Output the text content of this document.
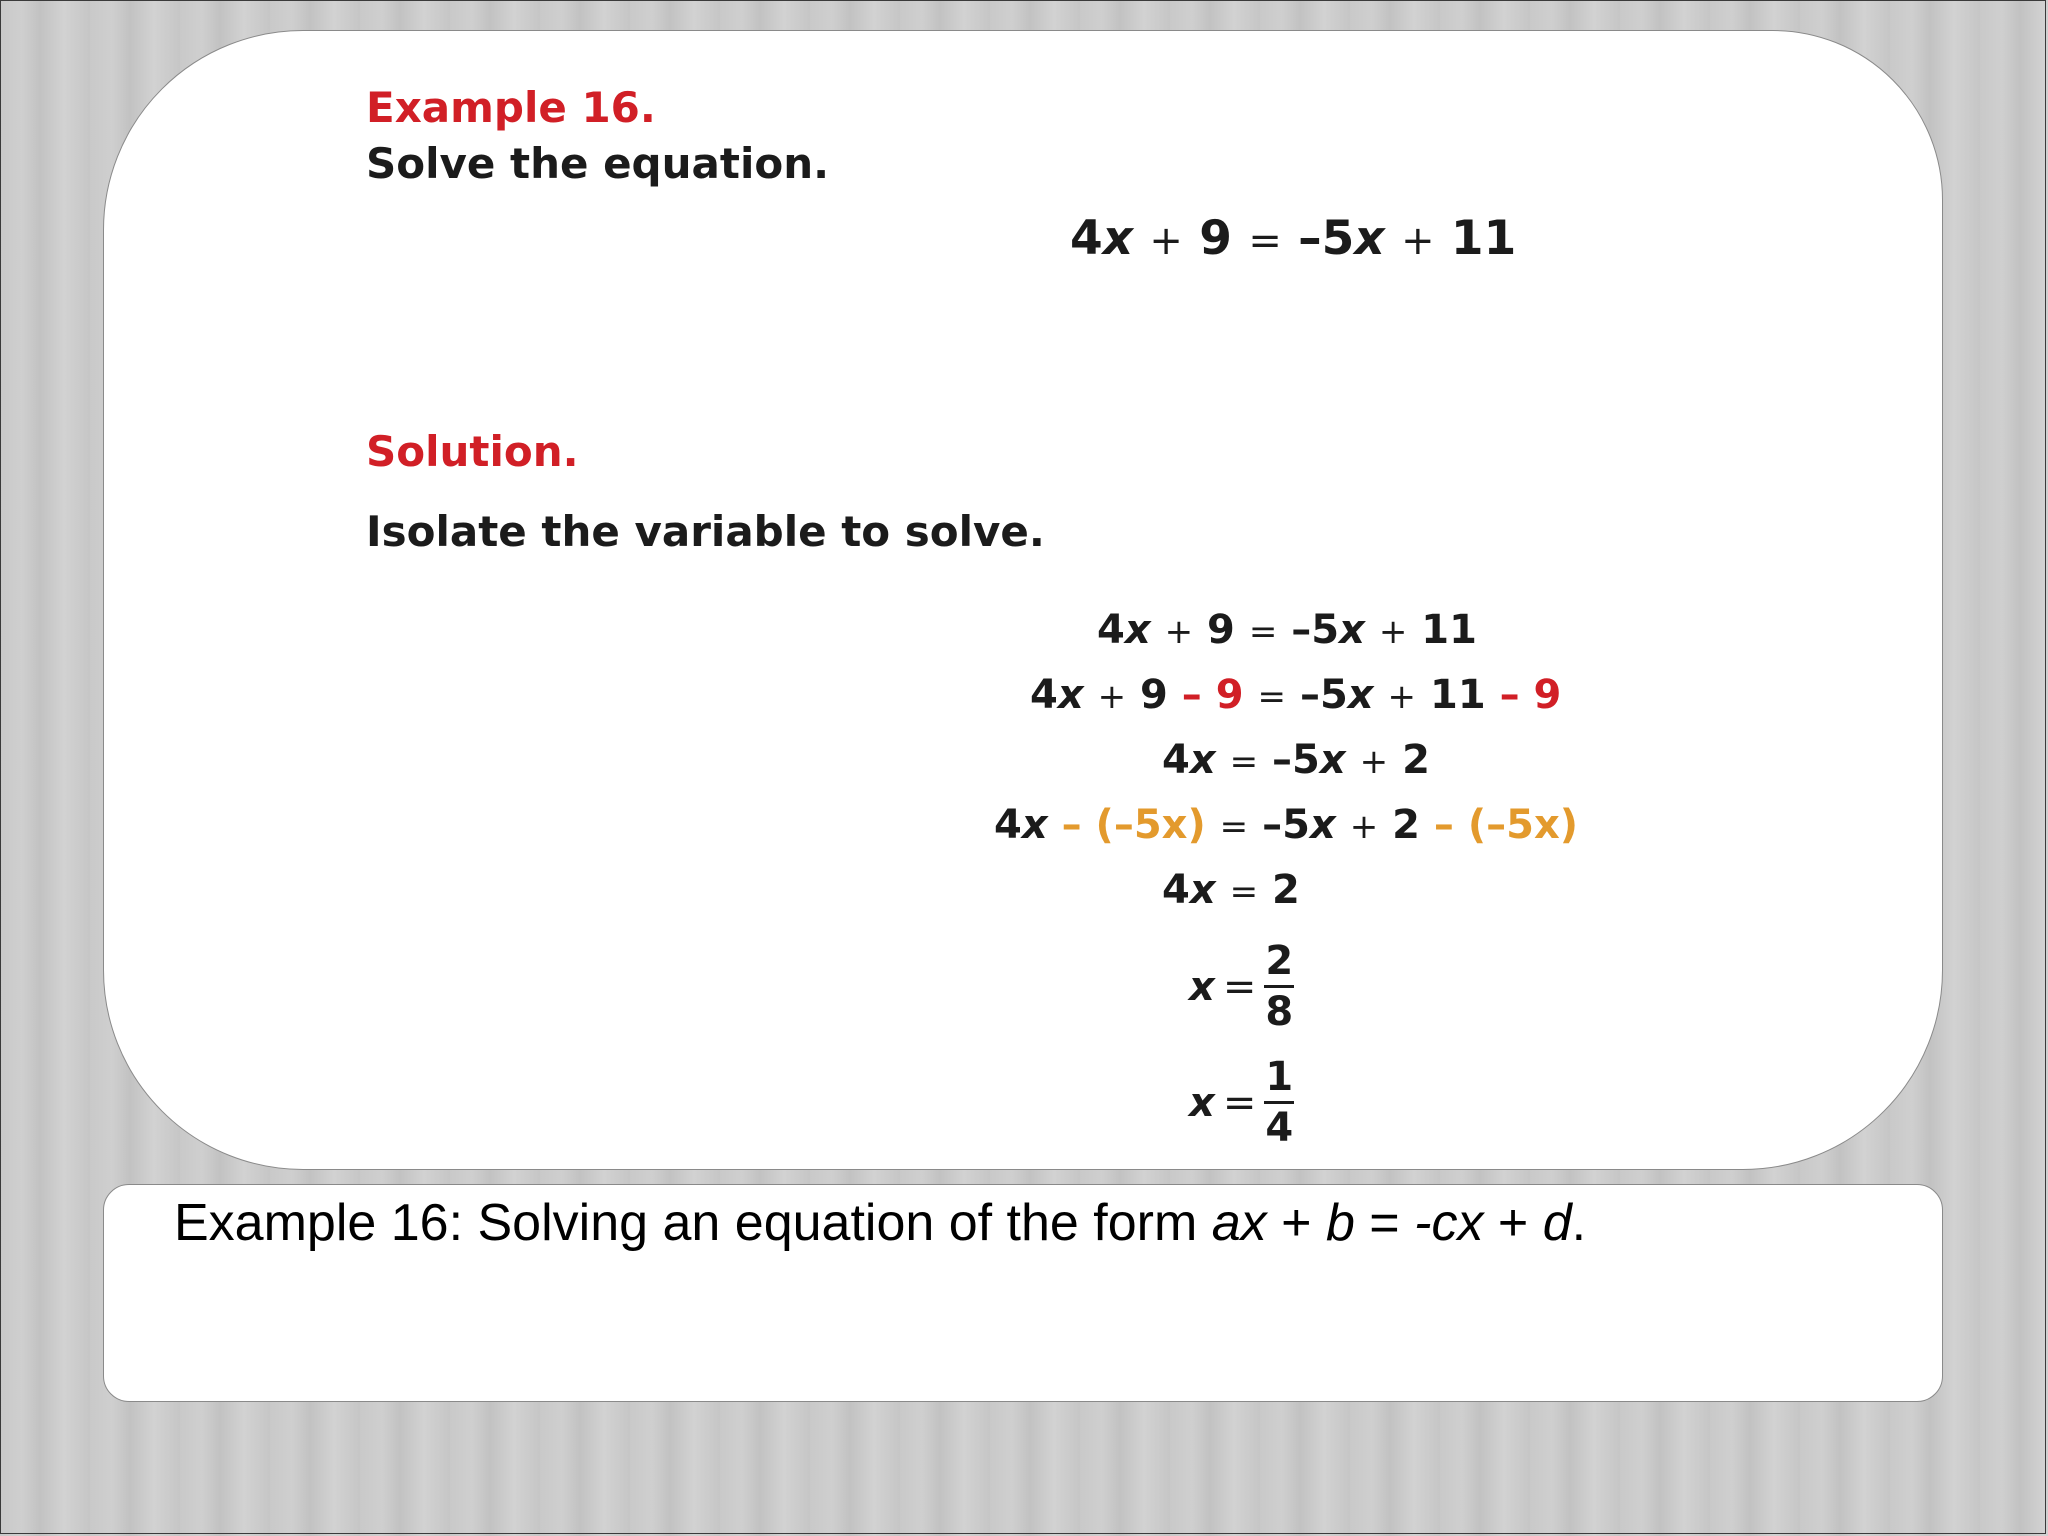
Example 16.
Solve the equation.
4x + 9 = –5x + 11
Solution.
Isolate the variable to solve.
4x + 9 = –5x + 11
4x + 9 – 9 = –5x + 11 – 9
4x = –5x + 2
4x – (–5x) = –5x + 2 – (–5x)
4x = 2
$x = \frac{2}{8}$
$x = \frac{1}{4}$
Example 16: Solving an equation of the form ax + b = -cx + d.
